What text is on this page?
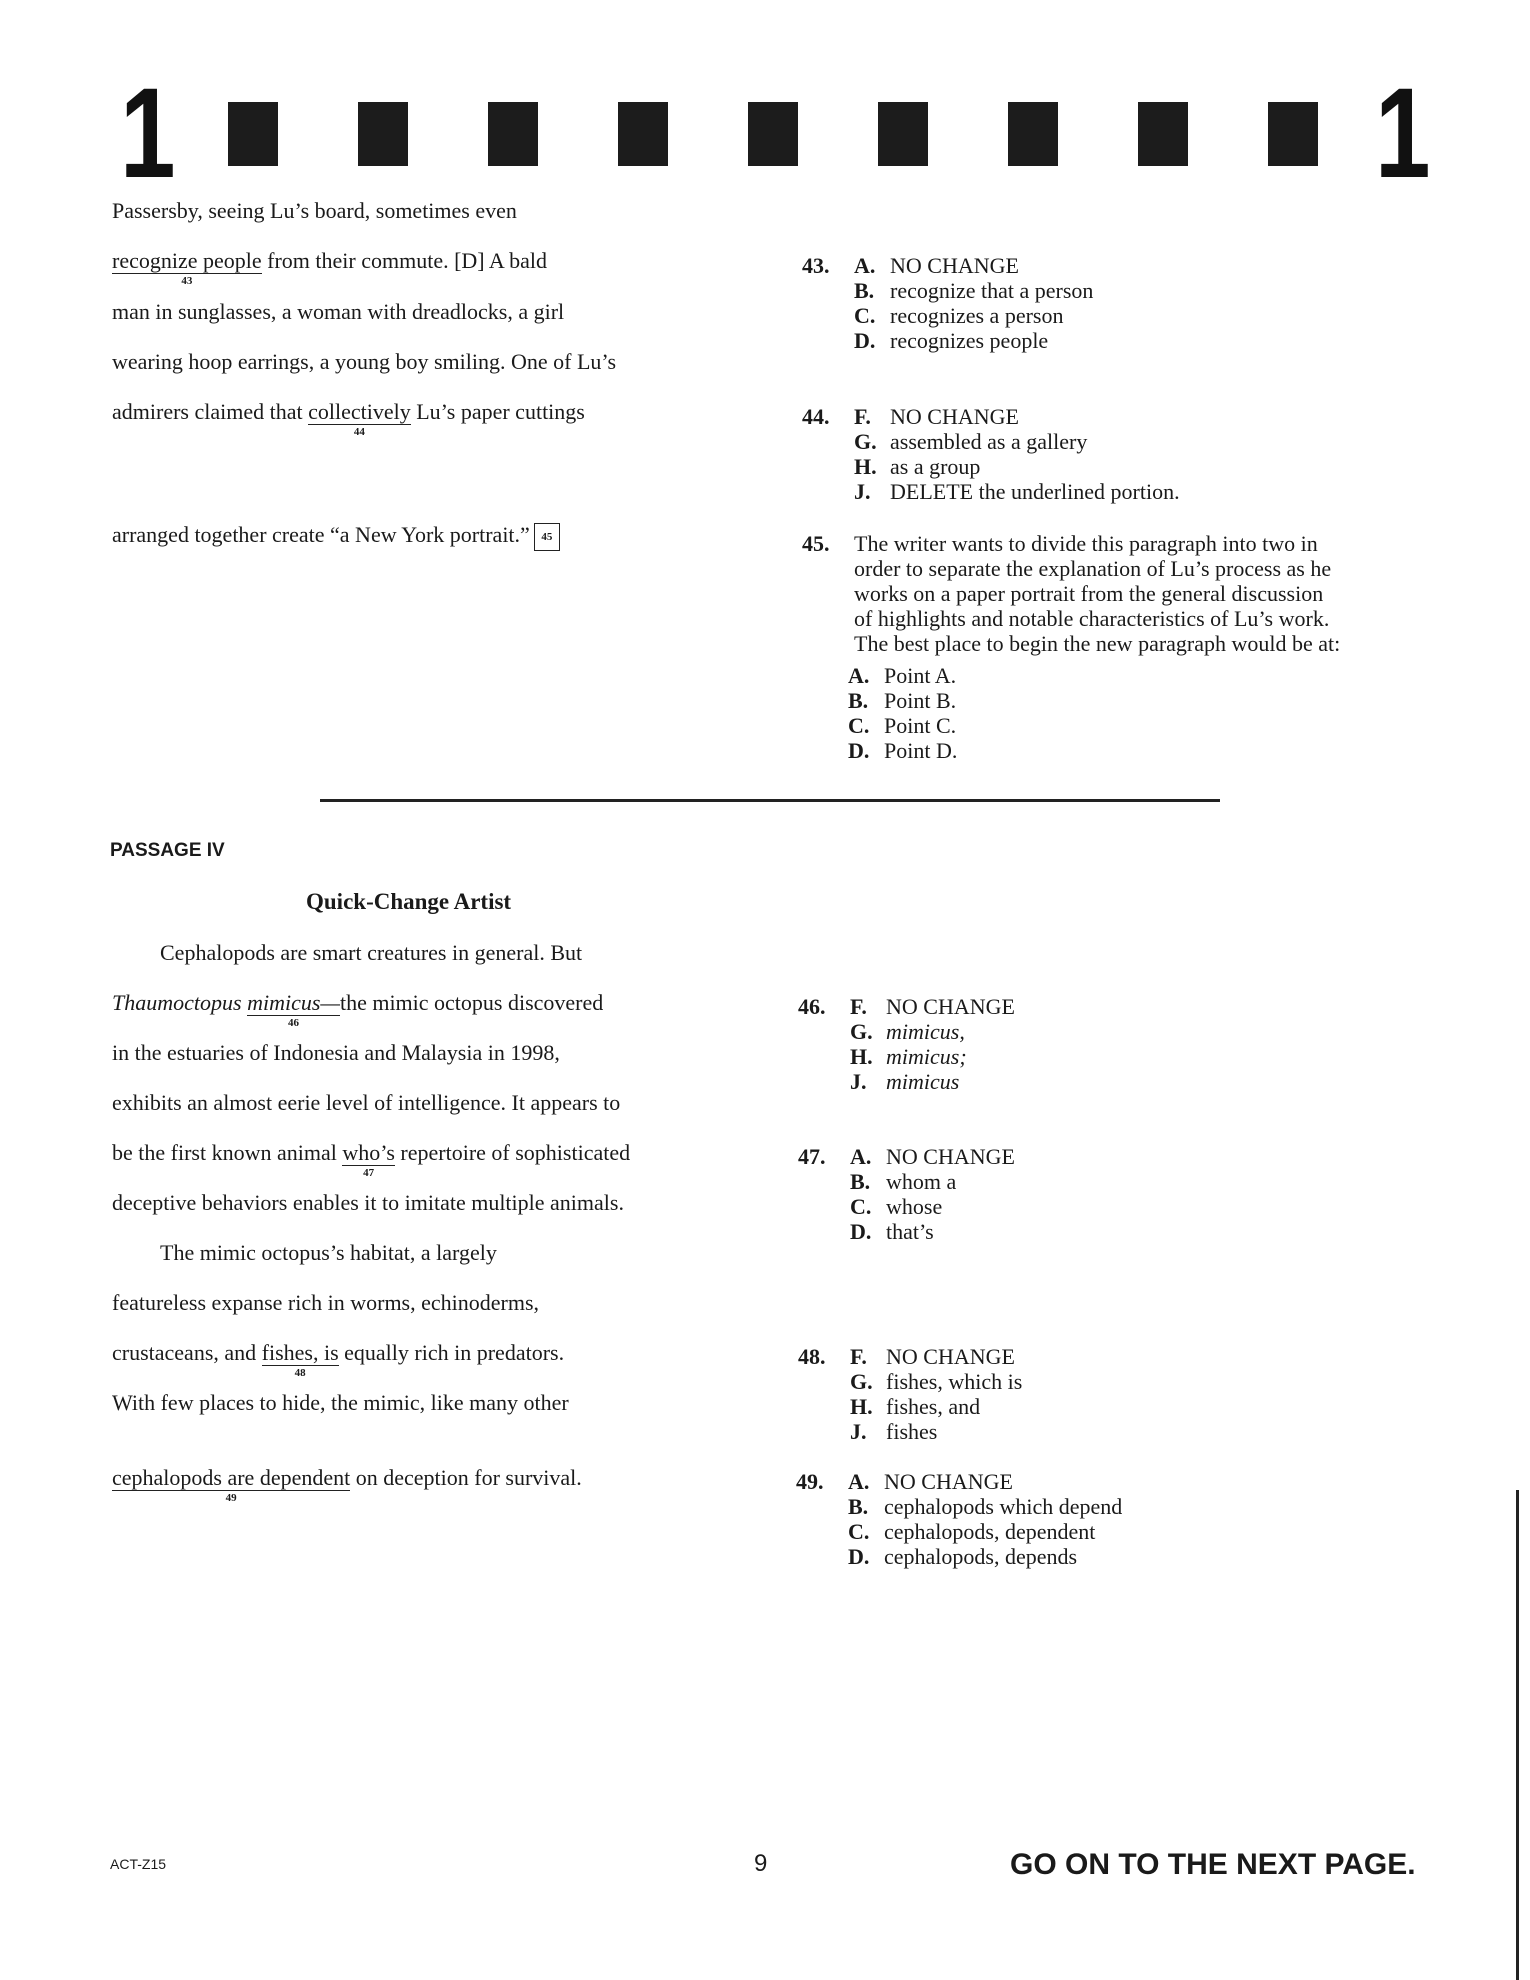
1	1
Passersby, seeing Lu’s board, sometimes even
recognize people
43
from their commute. [D] A bald
man in sunglasses, a woman with dreadlocks, a girl
wearing hoop earrings, a young boy smiling. One of Lu’s
admirers claimed that collectively
44
Lu’s paper cuttings
arranged together create “a New York portrait.” 45
43. A. NO CHANGE
B. recognize that a person
C. recognizes a person
D. recognizes people
44. F. NO CHANGE
G. assembled as a gallery
H. as a group
J. DELETE the underlined portion.
45. The writer wants to divide this paragraph into two in
order to separate the explanation of Lu’s process as he
works on a paper portrait from the general discussion
of highlights and notable characteristics of Lu’s work.
The best place to begin the new paragraph would be at:
A. Point A.
B. Point B.
C. Point C.
D. Point D.
PASSAGE IV
Quick-Change Artist
Cephalopods are smart creatures in general. But
Thaumoctopus mimicus—
46
the mimic octopus discovered
in the estuaries of Indonesia and Malaysia in 1998,
exhibits an almost eerie level of intelligence. It appears to
be the first known animal who’s
47
repertoire of sophisticated
deceptive behaviors enables it to imitate multiple animals.
The mimic octopus’s habitat, a largely
featureless expanse rich in worms, echinoderms,
crustaceans, and fishes, is
48
equally rich in predators.
With few places to hide, the mimic, like many other
cephalopods are dependent
49
on deception for survival.
46. F. NO CHANGE
G. mimicus,
H. mimicus;
J. mimicus
47. A. NO CHANGE
B. whom a
C. whose
D. that’s
48. F. NO CHANGE
G. fishes, which is
H. fishes, and
J. fishes
49. A. NO CHANGE
B. cephalopods which depend
C. cephalopods, dependent
D. cephalopods, depends
ACT-Z15	9	GO ON TO THE NEXT PAGE.
